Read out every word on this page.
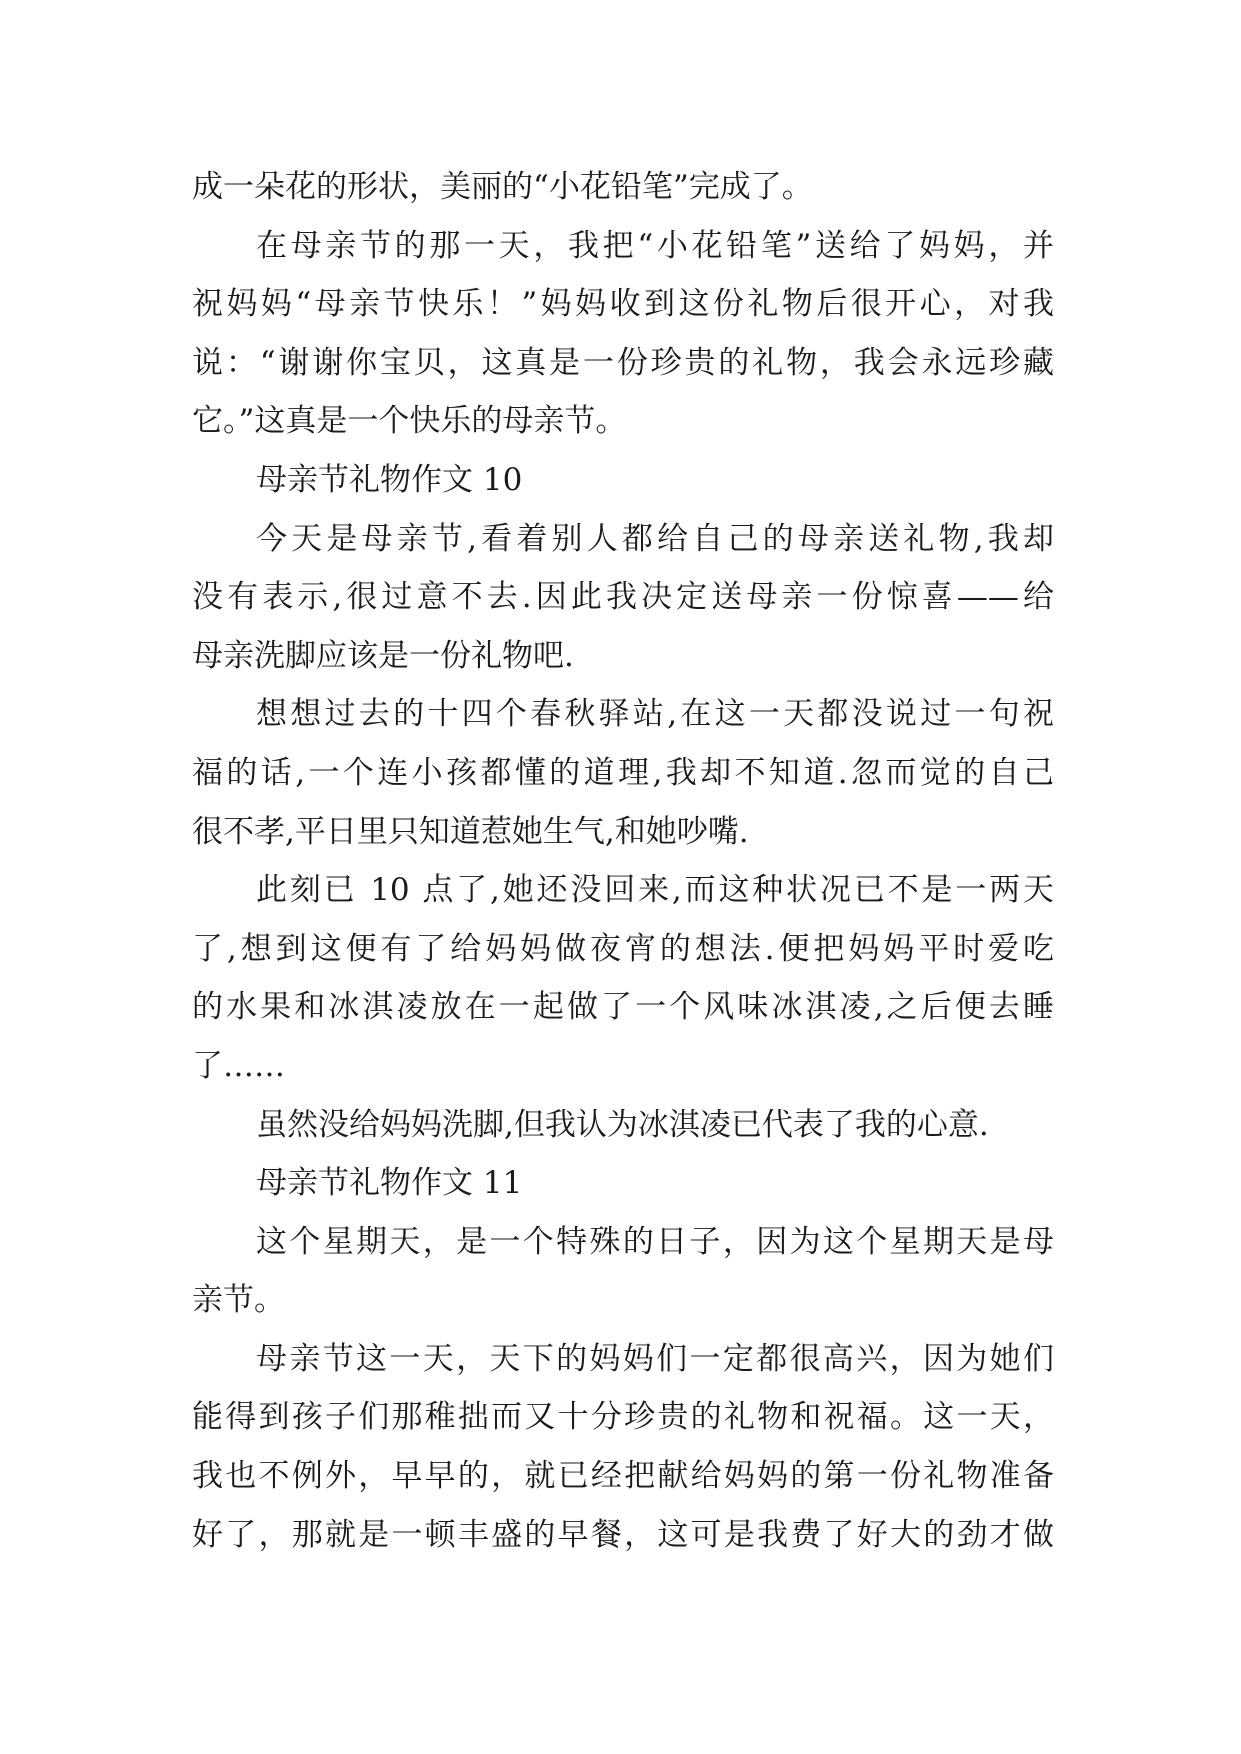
成一朵花的形状，美丽的“小花铅笔”完成了。
在母亲节的那一天，我把“小花铅笔”送给了妈妈，并
祝妈妈“母亲节快乐！”妈妈收到这份礼物后很开心，对我
说：“谢谢你宝贝，这真是一份珍贵的礼物，我会永远珍藏
它。”这真是一个快乐的母亲节。
母亲节礼物作文 10
今天是母亲节,看着别人都给自己的母亲送礼物,我却
没有表示,很过意不去.因此我决定送母亲一份惊喜——给
母亲洗脚应该是一份礼物吧.
想想过去的十四个春秋驿站,在这一天都没说过一句祝
福的话,一个连小孩都懂的道理,我却不知道.忽而觉的自己
很不孝,平日里只知道惹她生气,和她吵嘴.
此刻已 10 点了,她还没回来,而这种状况已不是一两天
了,想到这便有了给妈妈做夜宵的想法.便把妈妈平时爱吃
的水果和冰淇凌放在一起做了一个风味冰淇凌,之后便去睡
了……
虽然没给妈妈洗脚,但我认为冰淇凌已代表了我的心意.
母亲节礼物作文 11
这个星期天，是一个特殊的日子，因为这个星期天是母
亲节。
母亲节这一天，天下的妈妈们一定都很高兴，因为她们
能得到孩子们那稚拙而又十分珍贵的礼物和祝福。这一天，
我也不例外，早早的，就已经把献给妈妈的第一份礼物准备
好了，那就是一顿丰盛的早餐，这可是我费了好大的劲才做
